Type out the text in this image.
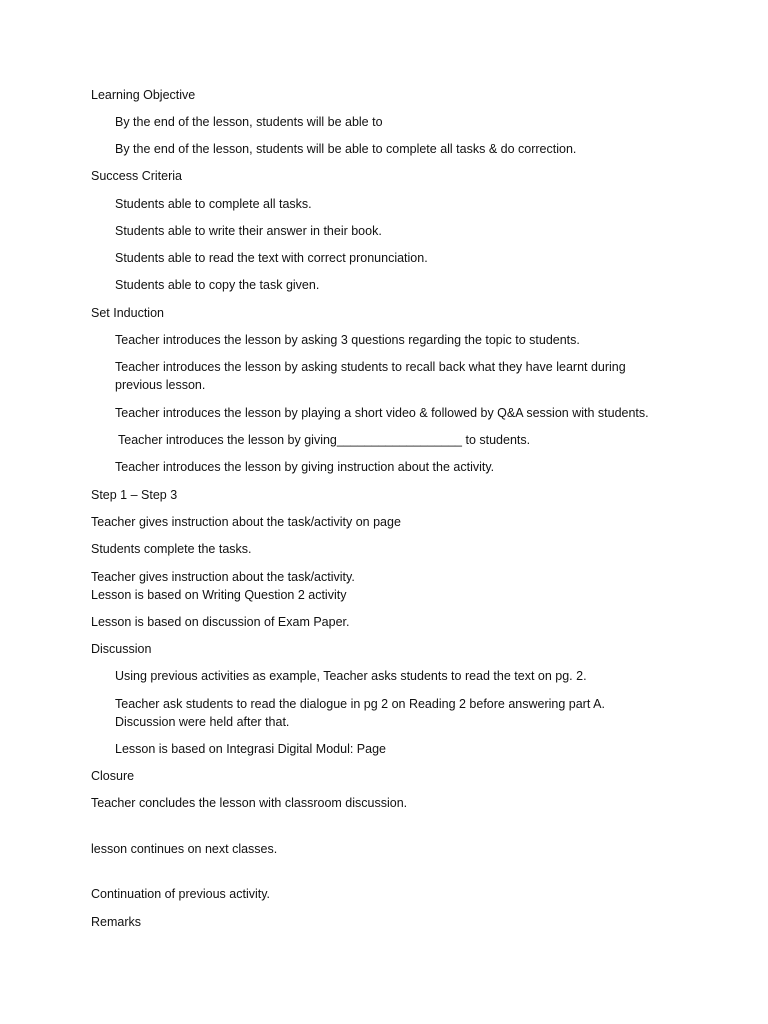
Learning Objective
By the end of the lesson, students will be able to
By the end of the lesson, students will be able to complete all tasks & do correction.
Success Criteria
Students able to complete all tasks.
Students able to write their answer in their book.
Students able to read the text with correct pronunciation.
Students able to copy the task given.
Set Induction
Teacher introduces the lesson by asking 3 questions regarding the topic to students.
Teacher introduces the lesson by asking students to recall back what they have learnt during
previous lesson.
Teacher introduces the lesson by playing a short video & followed by Q&A session with students.
Teacher introduces the lesson by giving__________________ to students.
Teacher introduces the lesson by giving instruction about the activity.
Step 1 – Step 3
Teacher gives instruction about the task/activity on page
Students complete the tasks.
Teacher gives instruction about the task/activity.
Lesson is based on Writing Question 2 activity
Lesson is based on discussion of Exam Paper.
Discussion
Using previous activities as example, Teacher asks students to read the text on pg. 2.
Teacher ask students to read the dialogue in pg 2 on Reading 2 before answering part A.
Discussion were held after that.
Lesson is based on Integrasi Digital Modul: Page
Closure
Teacher concludes the lesson with classroom discussion.
lesson continues on next classes.
Continuation of previous activity.
Remarks
